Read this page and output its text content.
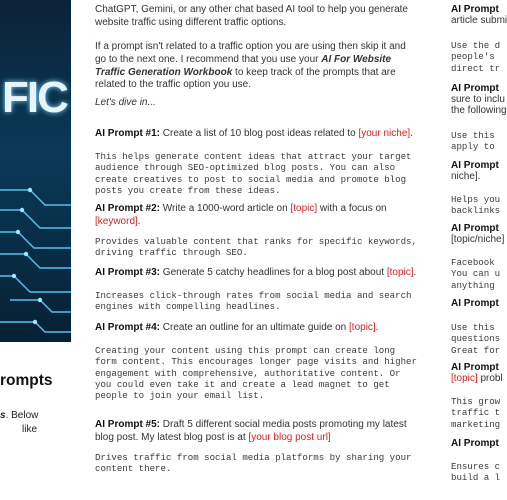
FIC
rompts
s. Below
like

ChatGPT, Gemini, or any other chat based AI tool to help you generate website traffic using different traffic options.

If a prompt isn't related to a traffic option you are using then skip it and go to the next one. I recommend that you use your AI For Website Traffic Generation Workbook to keep track of the prompts that are related to the traffic option you use.

Let's dive in...

AI Prompt #1: Create a list of 10 blog post ideas related to [your niche].

This helps generate content ideas that attract your target audience through SEO-optimized blog posts. You can also create creatives to post to social media and promote blog posts you create from these ideas.

AI Prompt #2: Write a 1000-word article on [topic] with a focus on [keyword].

Provides valuable content that ranks for specific keywords, driving traffic through SEO.

AI Prompt #3: Generate 5 catchy headlines for a blog post about [topic].

Increases click-through rates from social media and search engines with compelling headlines.

AI Prompt #4: Create an outline for an ultimate guide on [topic].

Creating your content using this prompt can create long form content. This encourages longer page visits and higher engagement with comprehensive, authoritative content. Or you could even take it and create a lead magnet to get people to join your email list.

AI Prompt #5: Draft 5 different social media posts promoting my latest blog post. My latest blog post is at [your blog post url]

Drives traffic from social media platforms by sharing your content there.

AI Prompt
article submi
Use the d
people's
direct tr
AI Prompt
sure to inclu
the following
Use this
apply to
AI Prompt
niche].
Helps you
backlinks
AI Prompt
[topic/niche]
Facebook
You can u
anything
AI Prompt
Use this
questions
Great for
AI Prompt
[topic] probl
This grow
traffic t
marketing
AI Prompt
Ensures c
build a l
